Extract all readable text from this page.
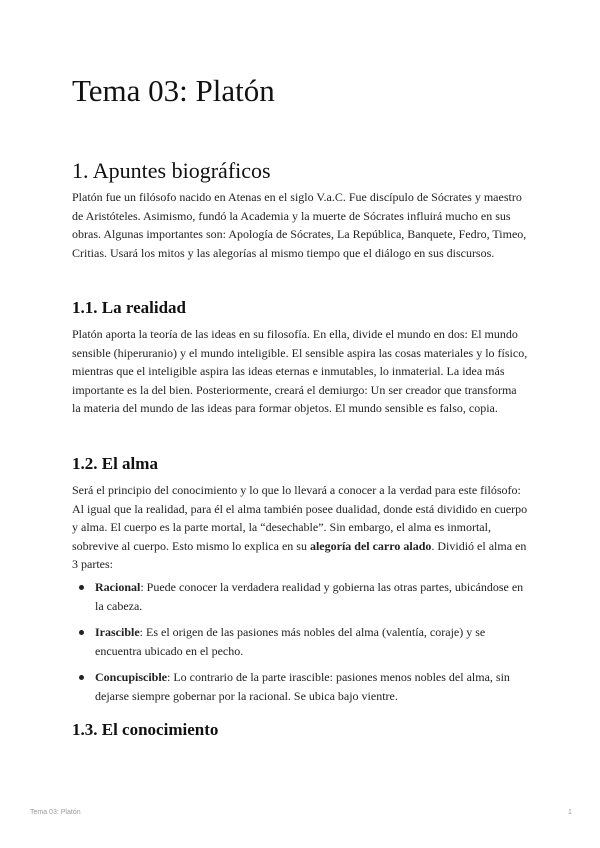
Tema 03: Platón
1. Apuntes biográficos

Platón fue un filósofo nacido en Atenas en el siglo V.a.C. Fue discípulo de Sócrates y maestro de Aristóteles. Asimismo, fundó la Academia y la muerte de Sócrates influirá mucho en sus obras. Algunas importantes son: Apología de Sócrates, La República, Banquete, Fedro, Timeo, Critias. Usará los mitos y las alegorías al mismo tiempo que el diálogo en sus discursos.

1.1. La realidad

Platón aporta la teoría de las ideas en su filosofía. En ella, divide el mundo en dos: El mundo sensible (hiperuranio) y el mundo inteligible. El sensible aspira las cosas materiales y lo físico, mientras que el inteligible aspira las ideas eternas e inmutables, lo inmaterial. La idea más importante es la del bien. Posteriormente, creará el demiurgo: Un ser creador que transforma la materia del mundo de las ideas para formar objetos. El mundo sensible es falso, copia.

1.2. El alma

Será el principio del conocimiento y lo que lo llevará a conocer a la verdad para este filósofo: Al igual que la realidad, para él el alma también posee dualidad, donde está dividido en cuerpo y alma. El cuerpo es la parte mortal, la “desechable”. Sin embargo, el alma es inmortal, sobrevive al cuerpo. Esto mismo lo explica en su alegoría del carro alado. Dividió el alma en 3 partes:

Racional: Puede conocer la verdadera realidad y gobierna las otras partes, ubicándose en la cabeza.
Irascible: Es el origen de las pasiones más nobles del alma (valentía, coraje) y se encuentra ubicado en el pecho.
Concupiscible: Lo contrario de la parte irascible: pasiones menos nobles del alma, sin dejarse siempre gobernar por la racional. Se ubica bajo vientre.
1.3. El conocimiento
Tema 03: Platón	1
